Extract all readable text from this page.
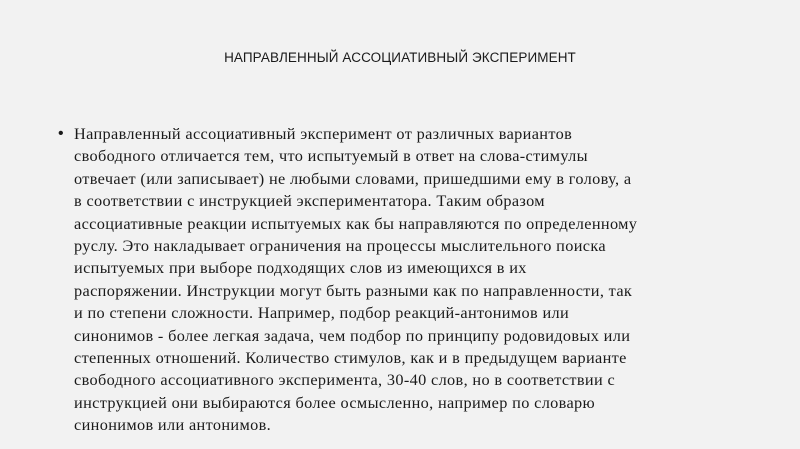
НАПРАВЛЕННЫЙ АССОЦИАТИВНЫЙ ЭКСПЕРИМЕНТ
• Направленный ассоциативный эксперимент от различных вариантов
свободного отличается тем, что испытуемый в ответ на слова-стимулы
отвечает (или записывает) не любыми словами, пришедшими ему в голову, а
в соответствии с инструкцией экспериментатора. Таким образом
ассоциативные реакции испытуемых как бы направляются по определенному
руслу. Это накладывает ограничения на процессы мыслительного поиска
испытуемых при выборе подходящих слов из имеющихся в их
распоряжении. Инструкции могут быть разными как по направленности, так
и по степени сложности. Например, подбор реакций-антонимов или
синонимов - более легкая задача, чем подбор по принципу родовидовых или
степенных отношений. Количество стимулов, как и в предыдущем варианте
свободного ассоциативного эксперимента, 30-40 слов, но в соответствии с
инструкцией они выбираются более осмысленно, например по словарю
синонимов или антонимов.
